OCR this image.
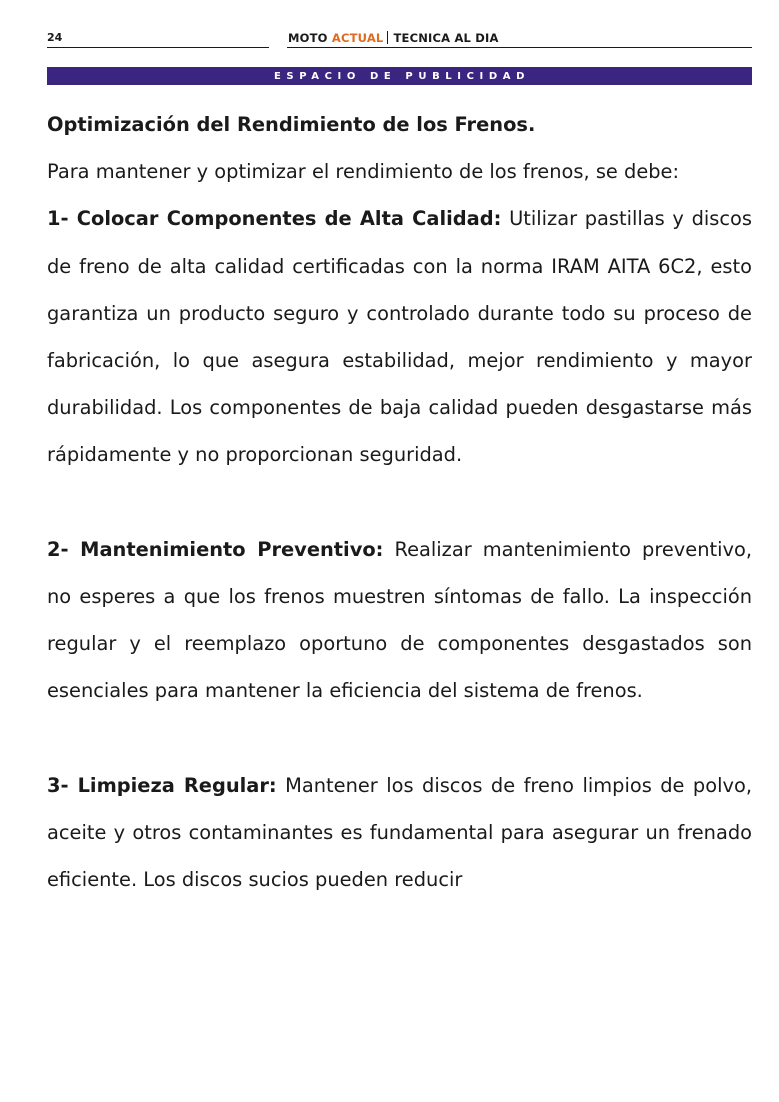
24	MOTO ACTUAL TECNICA AL DIA
ESPACIO DE PUBLICIDAD

Optimización del Rendimiento de los Frenos.

Para mantener y optimizar el rendimiento de los frenos, se debe:

1- Colocar Componentes de Alta Calidad: Utilizar pastillas y discos de freno de alta calidad certificadas con la norma IRAM AITA 6C2, esto garantiza un producto seguro y controlado durante todo su proceso de fabricación, lo que asegura estabilidad, mejor rendimiento y mayor durabilidad. Los componentes de baja calidad pueden desgastarse más rápidamente y no proporcionan seguridad.

2- Mantenimiento Preventivo: Realizar mantenimiento preventivo, no esperes a que los frenos muestren síntomas de fallo. La inspección regular y el reemplazo oportuno de componentes desgastados son esenciales para mantener la eficiencia del sistema de frenos.

3- Limpieza Regular: Mantener los discos de freno limpios de polvo, aceite y otros contaminantes es fundamental para asegurar un frenado eficiente. Los discos sucios pueden reducir
